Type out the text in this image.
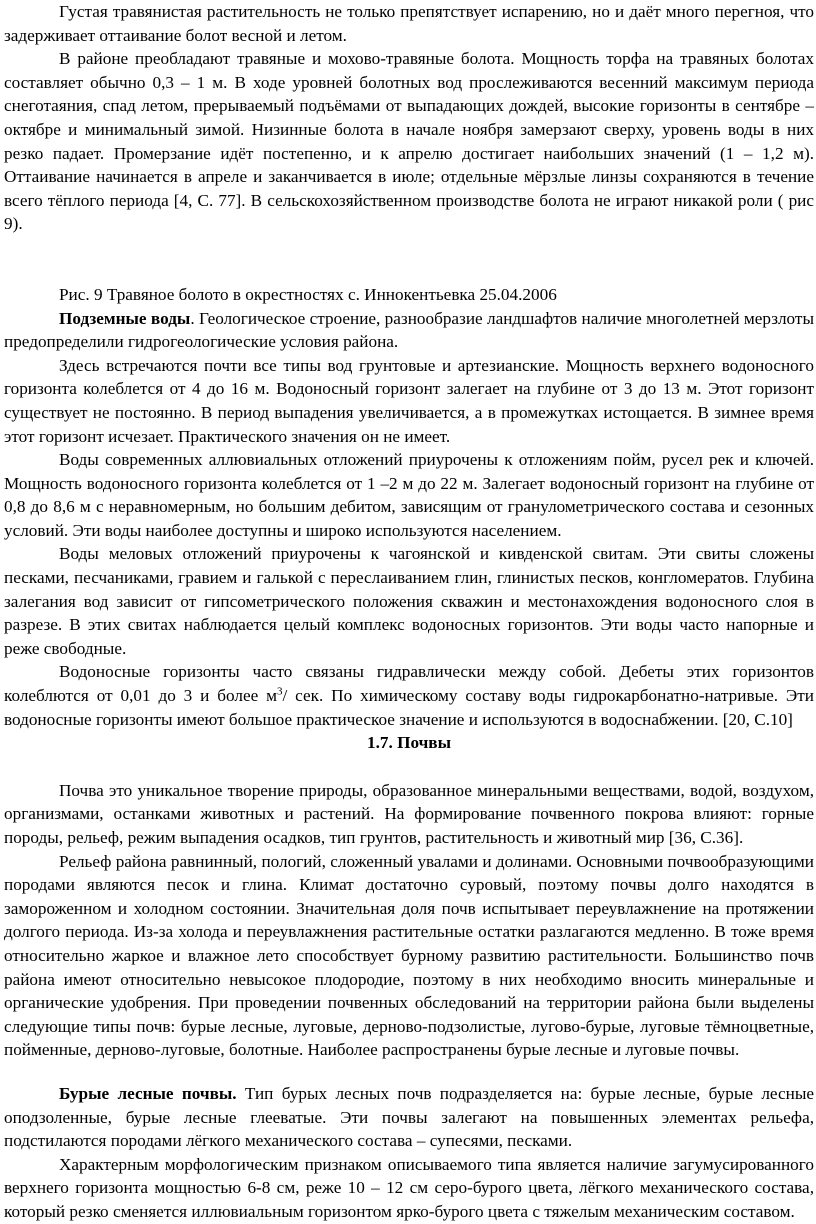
Густая травянистая растительность не только препятствует испарению, но и даёт много перегноя, что задерживает оттаивание болот весной и летом.

В районе преобладают травяные и мохово-травяные болота. Мощность торфа на травяных болотах составляет обычно 0,3 – 1 м. В ходе уровней болотных вод прослеживаются весенний максимум периода снеготаяния, спад летом, прерываемый подъёмами от выпадающих дождей, высокие горизонты в сентябре – октябре и минимальный зимой. Низинные болота в начале ноября замерзают сверху, уровень воды в них резко падает. Промерзание идёт постепенно, и к апрелю достигает наибольших значений (1 – 1,2 м). Оттаивание начинается в апреле и заканчивается в июле; отдельные мёрзлые линзы сохраняются в течение всего тёплого периода [4, С. 77]. В сельскохозяйственном производстве болота не играют никакой роли ( рис 9).

Рис. 9 Травяное болото в окрестностях с. Иннокентьевка 25.04.2006

Подземные воды. Геологическое строение, разнообразие ландшафтов наличие многолетней мерзлоты предопределили гидрогеологические условия района.

Здесь встречаются почти все типы вод грунтовые и артезианские. Мощность верхнего водоносного горизонта колеблется от 4 до 16 м. Водоносный горизонт залегает на глубине от 3 до 13 м. Этот горизонт существует не постоянно. В период выпадения увеличивается, а в промежутках истощается. В зимнее время этот горизонт исчезает. Практического значения он не имеет.

Воды современных аллювиальных отложений приурочены к отложениям пойм, русел рек и ключей. Мощность водоносного горизонта колеблется от 1 –2 м до 22 м. Залегает водоносный горизонт на глубине от 0,8 до 8,6 м с неравномерным, но большим дебитом, зависящим от гранулометрического состава и сезонных условий. Эти воды наиболее доступны и широко используются населением.

Воды меловых отложений приурочены к чагоянской и кивденской свитам. Эти свиты сложены песками, песчаниками, гравием и галькой с переслаиванием глин, глинистых песков, конгломератов. Глубина залегания вод зависит от гипсометрического положения скважин и местонахождения водоносного слоя в разрезе. В этих свитах наблюдается целый комплекс водоносных горизонтов. Эти воды часто напорные и реже свободные.

Водоносные горизонты часто связаны гидравлически между собой. Дебеты этих горизонтов колеблются от 0,01 до 3 и более $м^3/$ сек. По химическому составу воды гидрокарбонатно-натривые. Эти водоносные горизонты имеют большое практическое значение и используются в водоснабжении. [20, С.10]

1.7. Почвы

Почва это уникальное творение природы, образованное минеральными веществами, водой, воздухом, организмами, останками животных и растений. На формирование почвенного покрова влияют: горные породы, рельеф, режим выпадения осадков, тип грунтов, растительность и животный мир [36, С.36].

Рельеф района равнинный, пологий, сложенный увалами и долинами. Основными почвообразующими породами являются песок и глина. Климат достаточно суровый, поэтому почвы долго находятся в замороженном и холодном состоянии. Значительная доля почв испытывает переувлажнение на протяжении долгого периода. Из-за холода и переувлажнения растительные остатки разлагаются медленно. В тоже время относительно жаркое и влажное лето способствует бурному развитию растительности. Большинство почв района имеют относительно невысокое плодородие, поэтому в них необходимо вносить минеральные и органические удобрения. При проведении почвенных обследований на территории района были выделены следующие типы почв: бурые лесные, луговые, дерново-подзолистые, лугово-бурые, луговые тёмноцветные, пойменные, дерново-луговые, болотные. Наиболее распространены бурые лесные и луговые почвы.

Бурые лесные почвы. Тип бурых лесных почв подразделяется на: бурые лесные, бурые лесные оподзоленные, бурые лесные глееватые. Эти почвы залегают на повышенных элементах рельефа, подстилаются породами лёгкого механического состава – супесями, песками.

Характерным морфологическим признаком описываемого типа является наличие загумусированного верхнего горизонта мощностью 6-8 см, реже 10 – 12 см серо-бурого цвета, лёгкого механического состава, который резко сменяется иллювиальным горизонтом ярко-бурого цвета с тяжелым механическим составом.
